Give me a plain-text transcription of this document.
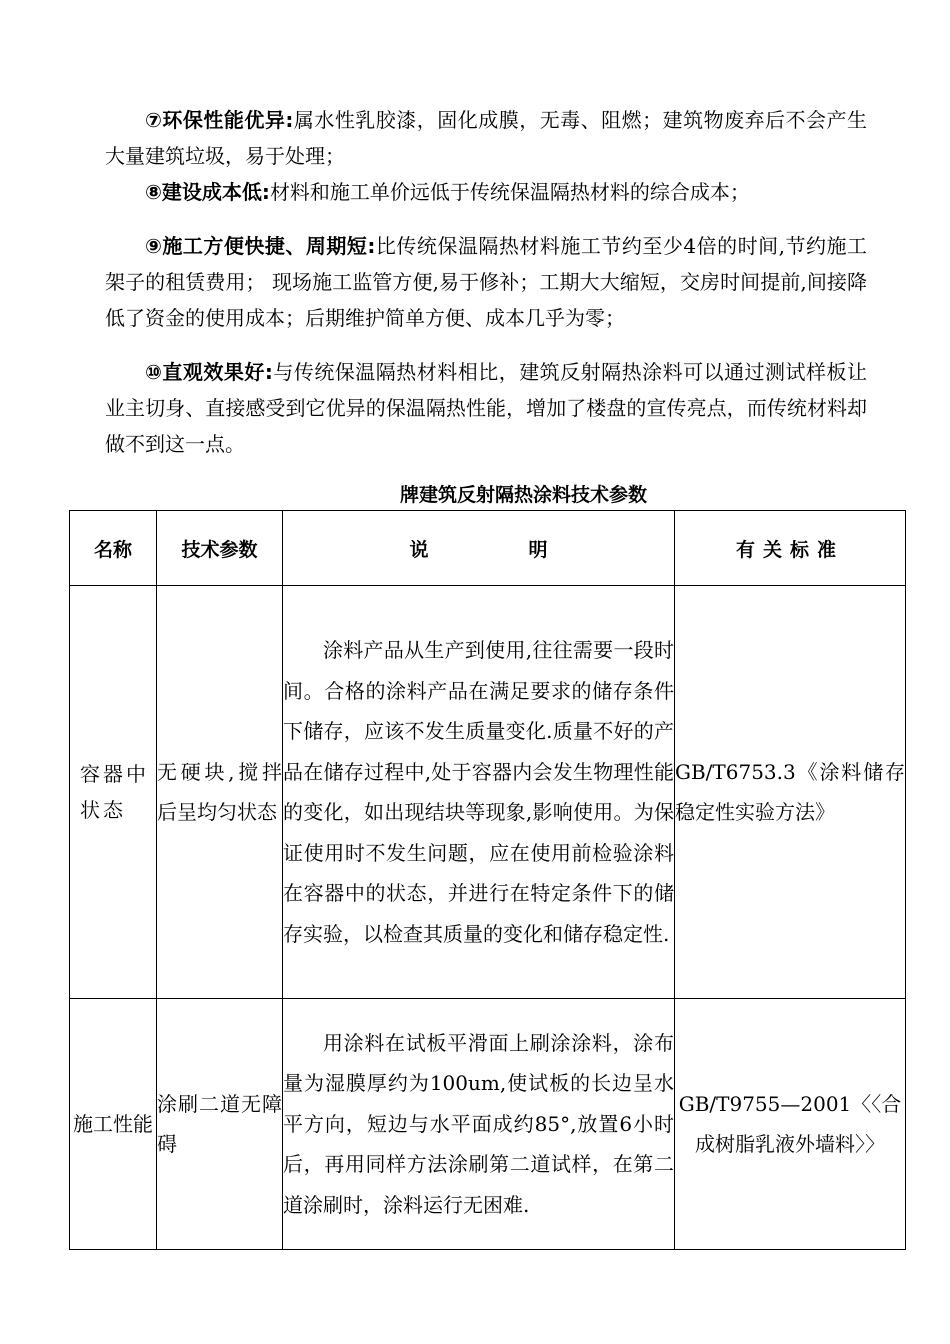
⑦环保性能优异:属水性乳胶漆，固化成膜，无毒、阻燃；建筑物废弃后不会产生大量建筑垃圾，易于处理；

⑧建设成本低:材料和施工单价远低于传统保温隔热材料的综合成本；

⑨施工方便快捷、周期短:比传统保温隔热材料施工节约至少4倍的时间,节约施工架子的租赁费用； 现场施工监管方便,易于修补；工期大大缩短，交房时间提前,间接降低了资金的使用成本；后期维护简单方便、成本几乎为零；

⑩直观效果好:与传统保温隔热材料相比，建筑反射隔热涂料可以通过测试样板让业主切身、直接感受到它优异的保温隔热性能，增加了楼盘的宣传亮点，而传统材料却做不到这一点。

牌建筑反射隔热涂料技术参数
名称	技术参数	说 明	有关标准
容器中状态	无硬块,搅拌后呈均匀状态	涂料产品从生产到使用,往往需要一段时间。合格的涂料产品在满足要求的储存条件下储存，应该不发生质量变化.质量不好的产品在储存过程中,处于容器内会发生物理性能的变化，如出现结块等现象,影响使用。为保证使用时不发生问题，应在使用前检验涂料在容器中的状态，并进行在特定条件下的储存实验，以检查其质量的变化和储存稳定性.	GB/T6753.3《涂料储存稳定性实验方法》
施工性能	涂刷二道无障碍	用涂料在试板平滑面上刷涂涂料，涂布量为湿膜厚约为100um,使试板的长边呈水平方向，短边与水平面成约85°,放置6小时后，再用同样方法涂刷第二道试样，在第二道涂刷时，涂料运行无困难.	GB/T9755—2001〈〈合成树脂乳液外墙料〉〉
